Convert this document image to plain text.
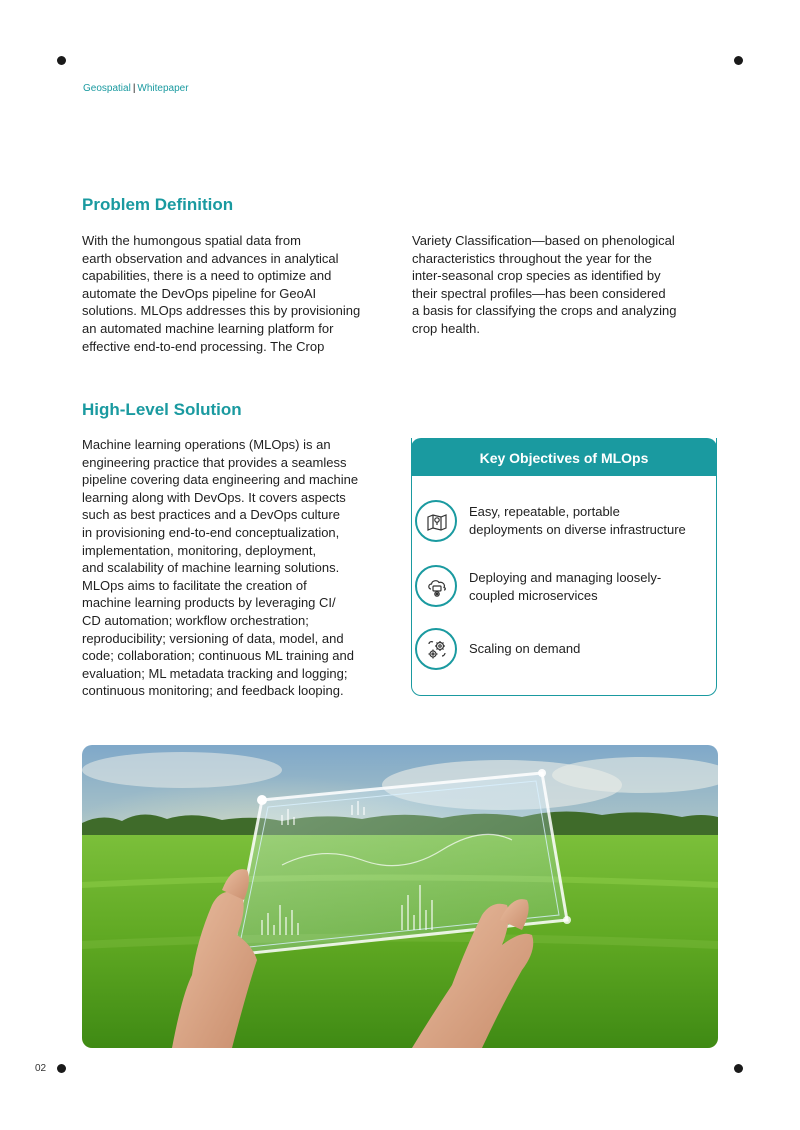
Geospatial | Whitepaper
Problem Definition
With the humongous spatial data from
earth observation and advances in analytical
capabilities, there is a need to optimize and
automate the DevOps pipeline for GeoAI
solutions. MLOps addresses this by provisioning
an automated machine learning platform for
effective end-to-end processing. The Crop
Variety Classification—based on phenological
characteristics throughout the year for the
inter-seasonal crop species as identified by
their spectral profiles—has been considered
a basis for classifying the crops and analyzing
crop health.
High-Level Solution
Machine learning operations (MLOps) is an
engineering practice that provides a seamless
pipeline covering data engineering and machine
learning along with DevOps. It covers aspects
such as best practices and a DevOps culture
in provisioning end-to-end conceptualization,
implementation, monitoring, deployment,
and scalability of machine learning solutions.
MLOps aims to facilitate the creation of
machine learning products by leveraging CI/
CD automation; workflow orchestration;
reproducibility; versioning of data, model, and
code; collaboration; continuous ML training and
evaluation; ML metadata tracking and logging;
continuous monitoring; and feedback looping.
Key Objectives of MLOps
Easy, repeatable, portable
deployments on diverse infrastructure
Deploying and managing loosely-
coupled microservices
Scaling on demand
02
